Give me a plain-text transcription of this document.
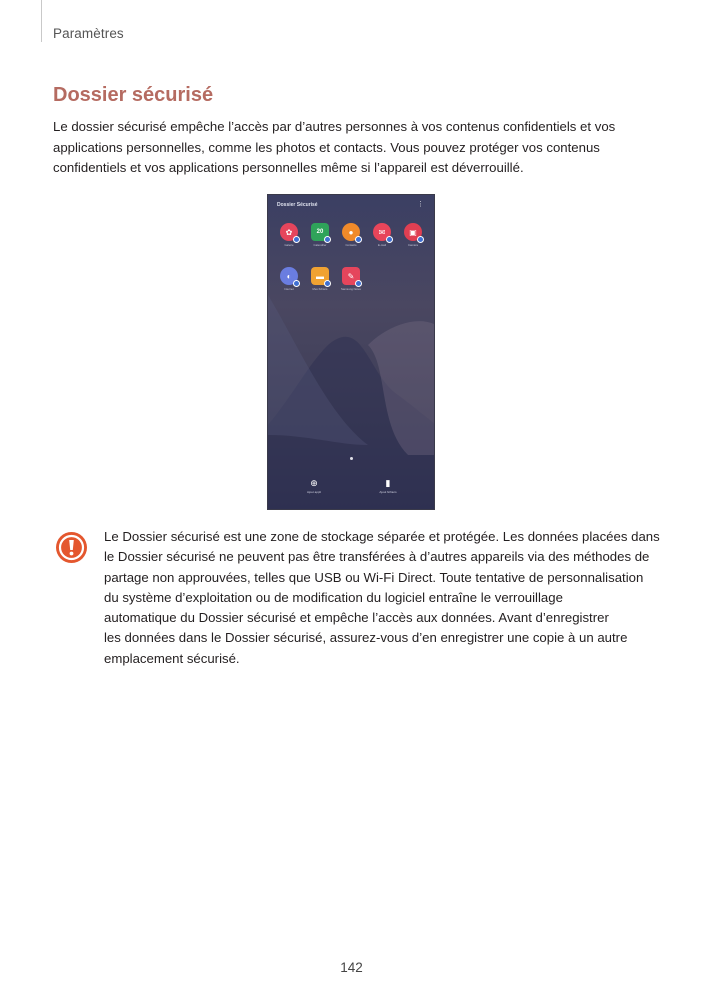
Paramètres
Dossier sécurisé
Le dossier sécurisé empêche l’accès par d’autres personnes à vos contenus confidentiels et vos
applications personnelles, comme les photos et contacts. Vous pouvez protéger vos contenus
confidentiels et vos applications personnelles même si l’appareil est déverrouillé.
Dossier Sécurisé	⋮
✿
Galerie
20
Calendrier
●
Contacts
✉
E-mail
▣
Caméra
◐
Internet
▬
Mes fichiers
✎
Samsung Notes
⊕
Ajout appli
▮
Ajout fichiers
Le Dossier sécurisé est une zone de stockage séparée et protégée. Les données placées dans
le Dossier sécurisé ne peuvent pas être transférées à d’autres appareils via des méthodes de
partage non approuvées, telles que USB ou Wi-Fi Direct. Toute tentative de personnalisation
du système d’exploitation ou de modification du logiciel entraîne le verrouillage
automatique du Dossier sécurisé et empêche l’accès aux données. Avant d’enregistrer
les données dans le Dossier sécurisé, assurez-vous d’en enregistrer une copie à un autre
emplacement sécurisé.
142
